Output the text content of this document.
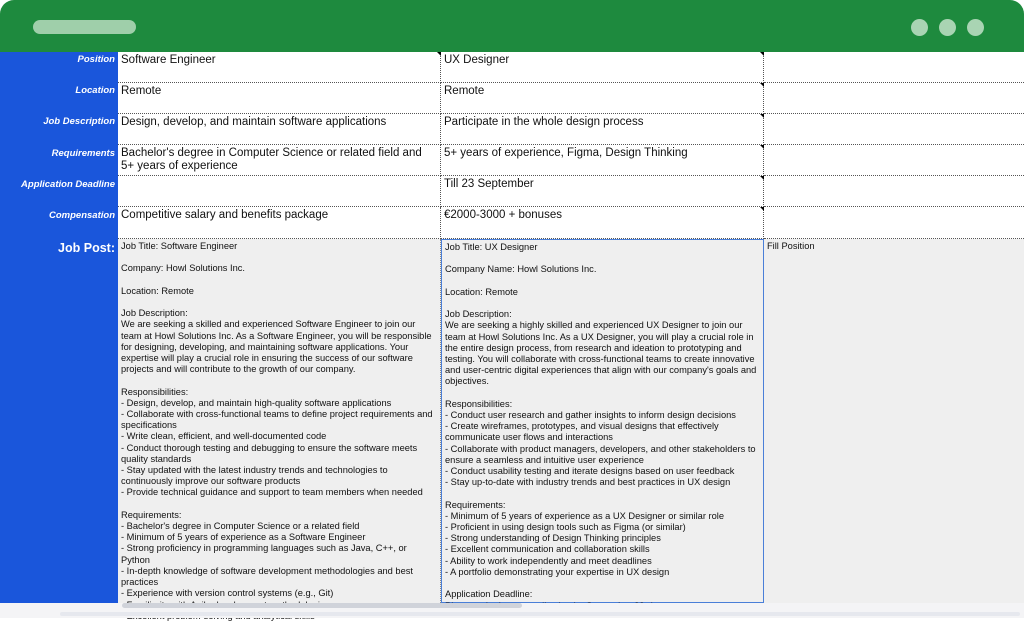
Position
Location
Job Description
Requirements
Application Deadline
Compensation
Job Post:
Software Engineer
Remote
Design, develop, and maintain software applications
Bachelor's degree in Computer Science or related field and 5+ years of experience
Competitive salary and benefits package
Job Title: Software Engineer

Company: Howl Solutions Inc.

Location: Remote

Job Description:
We are seeking a skilled and experienced Software Engineer to join our team at Howl Solutions Inc. As a Software Engineer, you will be responsible for designing, developing, and maintaining software applications. Your expertise will play a crucial role in ensuring the success of our software projects and will contribute to the growth of our company.

Responsibilities:
- Design, develop, and maintain high-quality software applications
- Collaborate with cross-functional teams to define project requirements and specifications
- Write clean, efficient, and well-documented code
- Conduct thorough testing and debugging to ensure the software meets quality standards
- Stay updated with the latest industry trends and technologies to continuously improve our software products
- Provide technical guidance and support to team members when needed

Requirements:
- Bachelor's degree in Computer Science or a related field
- Minimum of 5 years of experience as a Software Engineer
- Strong proficiency in programming languages such as Java, C++, or Python
- In-depth knowledge of software development methodologies and best practices
- Experience with version control systems (e.g., Git)

UX Designer
Remote
Participate in the whole design process
5+ years of experience, Figma, Design Thinking
Till 23 September
€2000-3000 + bonuses
Job Title: UX Designer

Company Name: Howl Solutions Inc.

Location: Remote

Job Description:
We are seeking a highly skilled and experienced UX Designer to join our team at Howl Solutions Inc. As a UX Designer, you will play a crucial role in the entire design process, from research and ideation to prototyping and testing. You will collaborate with cross-functional teams to create innovative and user-centric digital experiences that align with our company's goals and objectives.

Responsibilities:
- Conduct user research and gather insights to inform design decisions
- Create wireframes, prototypes, and visual designs that effectively communicate user flows and interactions
- Collaborate with product managers, developers, and other stakeholders to ensure a seamless and intuitive user experience
- Conduct usability testing and iterate designs based on user feedback
- Stay up-to-date with industry trends and best practices in UX design

Requirements:
- Minimum of 5 years of experience as a UX Designer or similar role
- Proficient in using design tools such as Figma (or similar)
- Strong understanding of Design Thinking principles
- Excellent communication and collaboration skills
- Ability to work independently and meet deadlines
- A portfolio demonstrating your expertise in UX design

Application Deadline:

Fill Position
